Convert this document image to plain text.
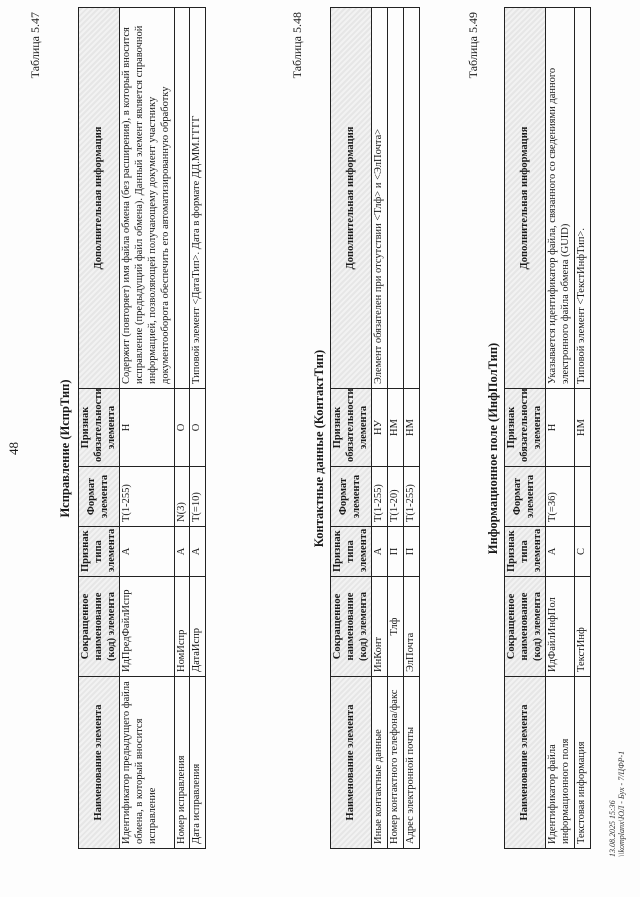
48
Таблица 5.47
Исправление (ИспрТип)
Наименование элемента	Сокращенное наименование (код) элемента	Признак типа элемента	Формат элемента	Признак обязательности элемента	Дополнительная информация
Идентификатор предыдущего файла обмена, в который вносится исправление	ИдПредФайлИспр	А	T(1-255)	Н	Содержит (повторяет) имя файла обмена (без расширения), в который вносится исправление (предыдущий файл обмена). Данный элемент является справочной информацией, позволяющей получающему документ участнику документооборота обеспечить его автоматизированную обработку
Номер исправления	НомИспр	А	N(3)	О	
Дата исправления	ДатаИспр	А	T(=10)	О	Типовой элемент <ДатаТип>. Дата в формате ДД.ММ.ГГГГ
Таблица 5.48
Контактные данные (КонтактТип)
Наименование элемента	Сокращенное наименование (код) элемента	Признак типа элемента	Формат элемента	Признак обязательности элемента	Дополнительная информация
Иные контактные данные	ИнКонт	А	T(1-255)	НУ	Элемент обязателен при отсутствии <Тлф> и <ЭлПочта>
Номер контактного телефона/факс	Тлф	П	T(1-20)	НМ	
Адрес электронной почты	ЭлПочта	П	T(1-255)	НМ	
Таблица 5.49
Информационное поле (ИнфПолТип)
Наименование элемента	Сокращенное наименование (код) элемента	Признак типа элемента	Формат элемента	Признак обязательности элемента	Дополнительная информация
Идентификатор файла информационного поля	ИдФайлИнфПол	А	T(=36)	Н	Указывается идентификатор файла, связанного со сведениями данного электронного файла обмена (GUID)
Текстовая информация	ТекстИнф	С		НМ	Типовой элемент <ТекстИнфТип>.
13.08.2025 15:36 \\komplanx\ЮЛ - Бух - 7/ЦФР-1
